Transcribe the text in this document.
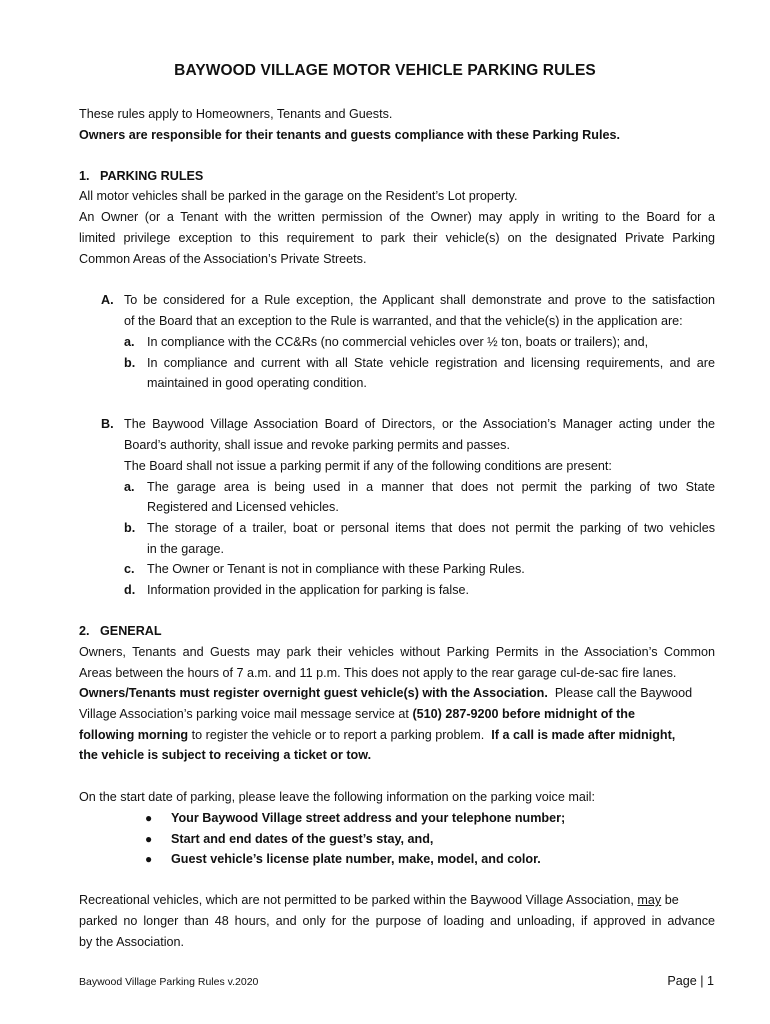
BAYWOOD VILLAGE MOTOR VEHICLE PARKING RULES
These rules apply to Homeowners, Tenants and Guests.
Owners are responsible for their tenants and guests compliance with these Parking Rules.
1.   PARKING RULES
All motor vehicles shall be parked in the garage on the Resident’s Lot property.
An Owner (or a Tenant with the written permission of the Owner) may apply in writing to the Board for a
limited privilege exception to this requirement to park their vehicle(s) on the designated Private Parking
Common Areas of the Association’s Private Streets.
A. To be considered for a Rule exception, the Applicant shall demonstrate and prove to the satisfaction
of the Board that an exception to the Rule is warranted, and that the vehicle(s) in the application are:
a. In compliance with the CC&Rs (no commercial vehicles over ½ ton, boats or trailers); and,
b. In compliance and current with all State vehicle registration and licensing requirements, and are
maintained in good operating condition.
B. The Baywood Village Association Board of Directors, or the Association’s Manager acting under the
Board’s authority, shall issue and revoke parking permits and passes.
The Board shall not issue a parking permit if any of the following conditions are present:
a. The garage area is being used in a manner that does not permit the parking of two State
Registered and Licensed vehicles.
b. The storage of a trailer, boat or personal items that does not permit the parking of two vehicles
in the garage.
c. The Owner or Tenant is not in compliance with these Parking Rules.
d. Information provided in the application for parking is false.
2.   GENERAL
Owners, Tenants and Guests may park their vehicles without Parking Permits in the Association’s Common
Areas between the hours of 7 a.m. and 11 p.m. This does not apply to the rear garage cul-de-sac fire lanes.
Owners/Tenants must register overnight guest vehicle(s) with the Association.  Please call the Baywood
Village Association’s parking voice mail message service at (510) 287-9200 before midnight of the
following morning to register the vehicle or to report a parking problem.  If a call is made after midnight,
the vehicle is subject to receiving a ticket or tow.
On the start date of parking, please leave the following information on the parking voice mail:
● Your Baywood Village street address and your telephone number;
● Start and end dates of the guest’s stay, and,
● Guest vehicle’s license plate number, make, model, and color.
Recreational vehicles, which are not permitted to be parked within the Baywood Village Association, may be
parked no longer than 48 hours, and only for the purpose of loading and unloading, if approved in advance
by the Association.
Baywood Village Parking Rules v.2020	Page | 1
